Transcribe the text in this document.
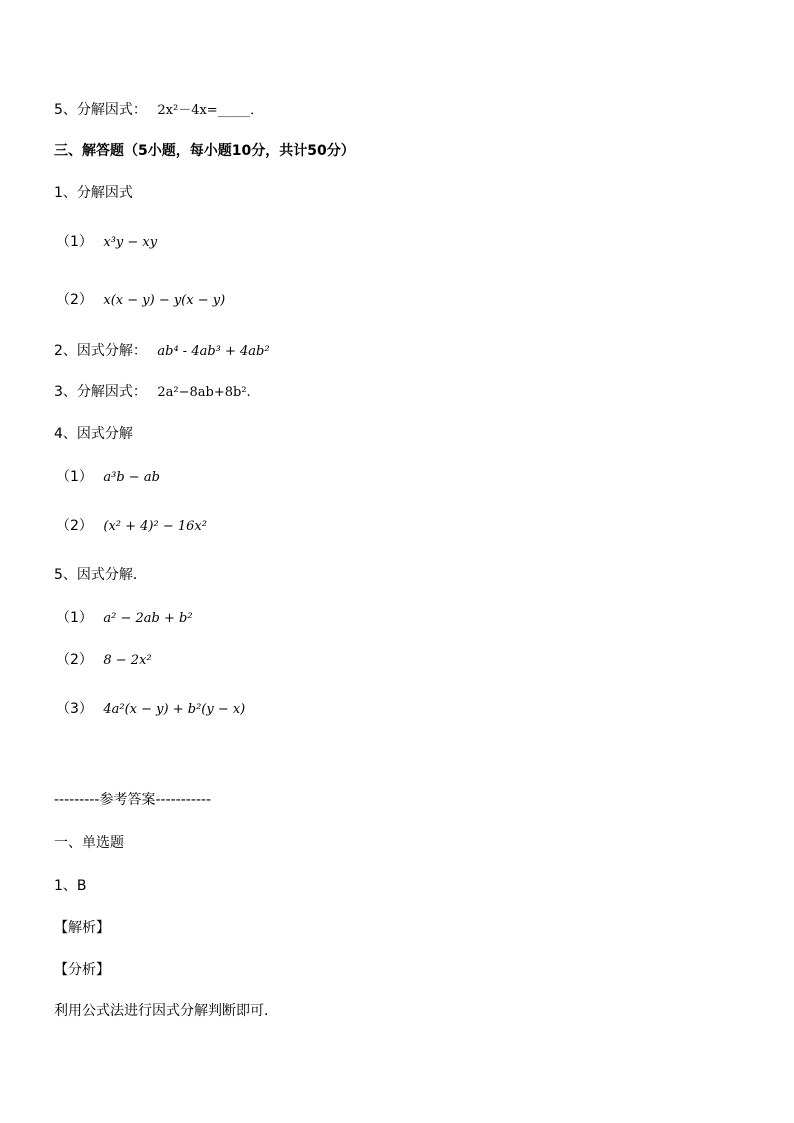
5、分解因式： 2x²－4x=_____．
三、解答题（5小题，每小题10分，共计50分）
1、分解因式
（1） x³y − xy
（2） x(x − y) − y(x − y)
2、因式分解： ab⁴ - 4ab³ + 4ab²
3、分解因式： 2a²−8ab+8b².
4、因式分解
（1） a³b − ab
（2） (x² + 4)² − 16x²
5、因式分解．
（1） a² − 2ab + b²
（2） 8 − 2x²
（3） 4a²(x − y) + b²(y − x)
---------参考答案-----------
一、单选题
1、B
【解析】
【分析】
利用公式法进行因式分解判断即可．
